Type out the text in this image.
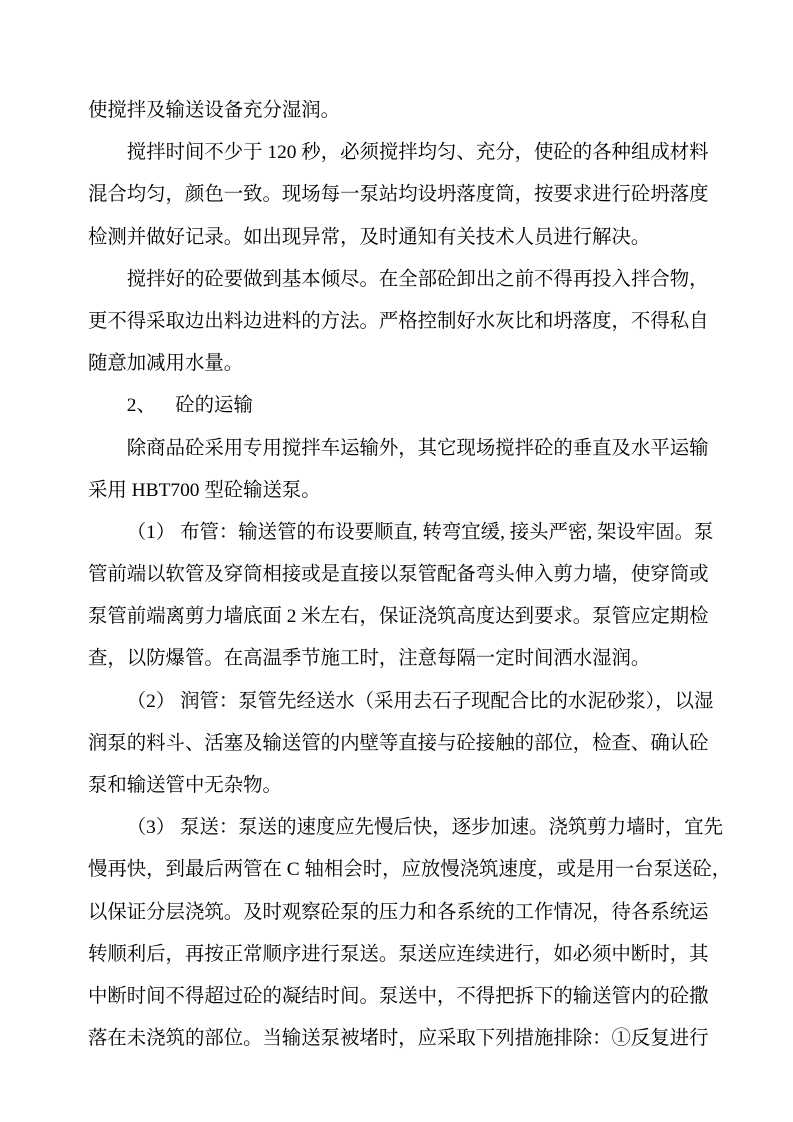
使搅拌及输送设备充分湿润。
搅拌时间不少于 120 秒，必须搅拌均匀、充分，使砼的各种组成材料
混合均匀，颜色一致。现场每一泵站均设坍落度筒，按要求进行砼坍落度
检测并做好记录。如出现异常，及时通知有关技术人员进行解决。
搅拌好的砼要做到基本倾尽。在全部砼卸出之前不得再投入拌合物，
更不得采取边出料边进料的方法。严格控制好水灰比和坍落度，不得私自
随意加减用水量。
2、    砼的运输
除商品砼采用专用搅拌车运输外，其它现场搅拌砼的垂直及水平运输
采用 HBT700 型砼输送泵。
（1） 布管：输送管的布设要顺直, 转弯宜缓, 接头严密, 架设牢固。泵
管前端以软管及穿筒相接或是直接以泵管配备弯头伸入剪力墙，使穿筒或
泵管前端离剪力墙底面 2 米左右，保证浇筑高度达到要求。泵管应定期检
查，以防爆管。在高温季节施工时，注意每隔一定时间洒水湿润。
（2） 润管：泵管先经送水（采用去石子现配合比的水泥砂浆），以湿
润泵的料斗、活塞及输送管的内壁等直接与砼接触的部位，检查、确认砼
泵和输送管中无杂物。
（3） 泵送：泵送的速度应先慢后快，逐步加速。浇筑剪力墙时，宜先
慢再快，到最后两管在 C 轴相会时，应放慢浇筑速度，或是用一台泵送砼，
以保证分层浇筑。及时观察砼泵的压力和各系统的工作情况，待各系统运
转顺利后，再按正常顺序进行泵送。泵送应连续进行，如必须中断时，其
中断时间不得超过砼的凝结时间。泵送中，不得把拆下的输送管内的砼撒
落在未浇筑的部位。当输送泵被堵时，应采取下列措施排除：①反复进行
